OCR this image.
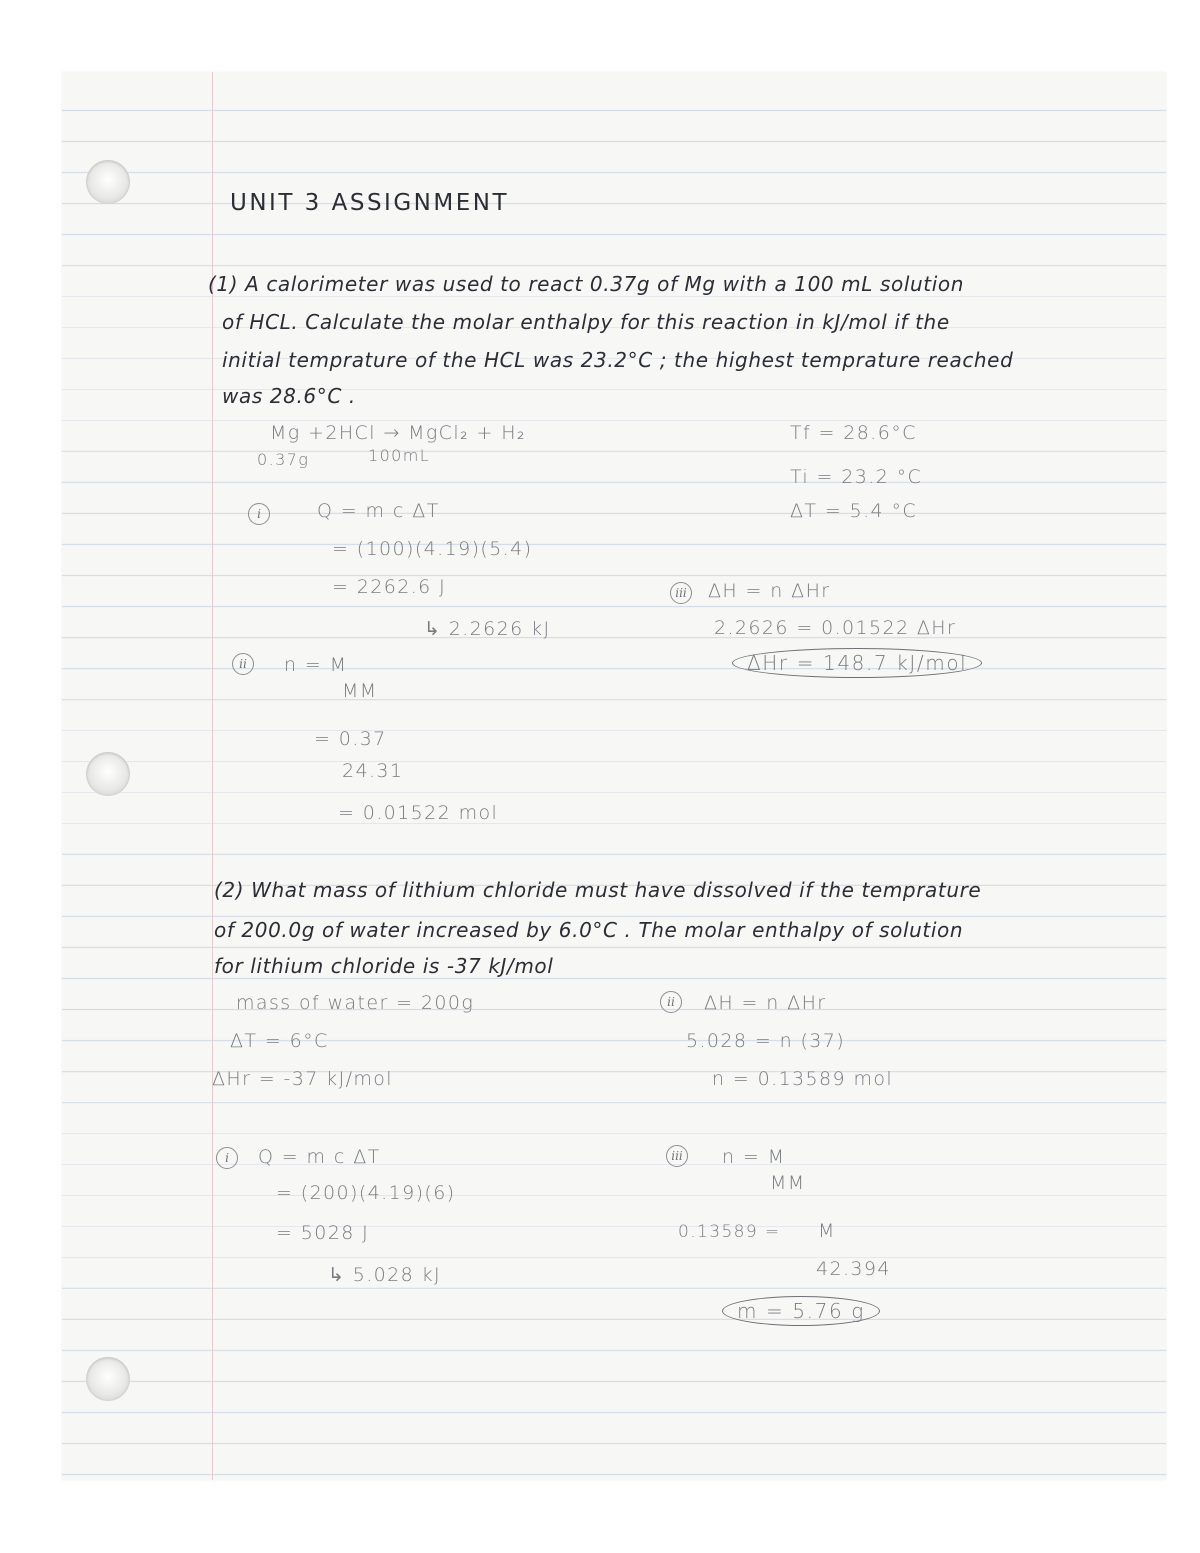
UNIT 3 ASSIGNMENT

(1) A calorimeter was used to react 0.37g of Mg with a 100 mL solution

of HCL. Calculate the molar enthalpy for this reaction in kJ/mol if the

initial temprature of the HCL was 23.2°C ; the highest temprature reached

was 28.6°C .

Mg +2HCl → MgCl₂ + H₂

0.37g	100mL

Tf = 28.6°C

Ti = 23.2 °C

ΔT = 5.4 °C

i	Q = m c ΔT

= (100)(4.19)(5.4)

= 2262.6 J

↳ 2.2626 kJ

ii	n = M

MM

= 0.37

24.31

= 0.01522 mol

iii ΔH = n ΔHr

2.2626 = 0.01522 ΔHr

ΔHr = 148.7 kJ/mol

(2) What mass of lithium chloride must have dissolved if the temprature

of 200.0g of water increased by 6.0°C . The molar enthalpy of solution

for lithium chloride is -37 kJ/mol

mass of water = 200g

ΔT = 6°C

ΔHr = -37 kJ/mol

i	Q = m c ΔT

= (200)(4.19)(6)

= 5028 J

↳ 5.028 kJ

ii	ΔH = n ΔHr

5.028 = n (37)

n = 0.13589 mol

iii n = M

MM

0.13589 = M

42.394

m = 5.76 g
